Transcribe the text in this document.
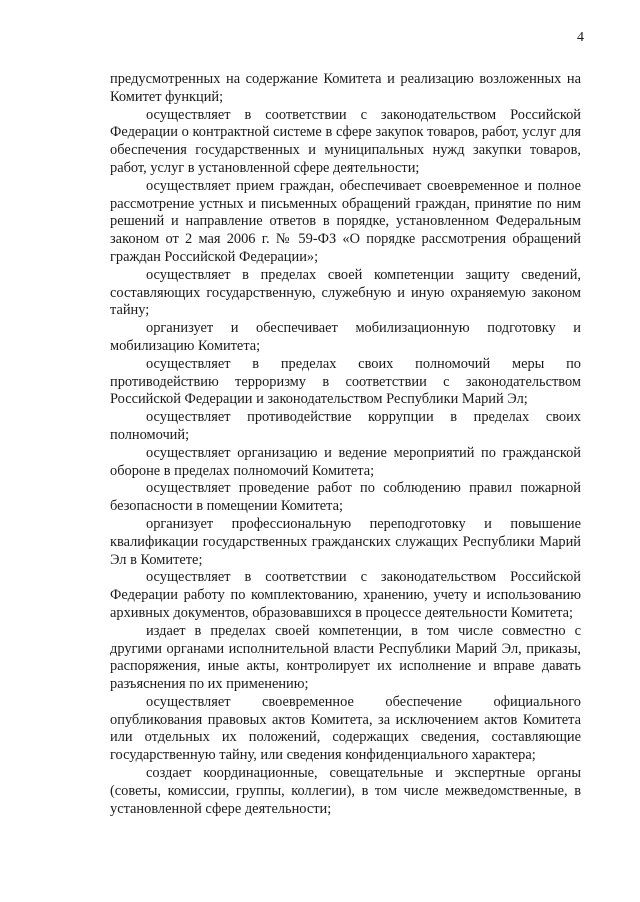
4

предусмотренных на содержание Комитета и реализацию возложенных на Комитет функций;

осуществляет в соответствии с законодательством Российской Федерации о контрактной системе в сфере закупок товаров, работ, услуг для обеспечения государственных и муниципальных нужд закупки товаров, работ, услуг в установленной сфере деятельности;

осуществляет прием граждан, обеспечивает своевременное и полное рассмотрение устных и письменных обращений граждан, принятие по ним решений и направление ответов в порядке, установленном Федеральным законом от 2 мая 2006 г. № 59-ФЗ «О порядке рассмотрения обращений граждан Российской Федерации»;

осуществляет в пределах своей компетенции защиту сведений, составляющих государственную, служебную и иную охраняемую законом тайну;

организует и обеспечивает мобилизационную подготовку и мобилизацию Комитета;

осуществляет в пределах своих полномочий меры по противодействию терроризму в соответствии с законодательством Российской Федерации и законодательством Республики Марий Эл;

осуществляет противодействие коррупции в пределах своих полномочий;

осуществляет организацию и ведение мероприятий по гражданской обороне в пределах полномочий Комитета;

осуществляет проведение работ по соблюдению правил пожарной безопасности в помещении Комитета;

организует профессиональную переподготовку и повышение квалификации государственных гражданских служащих Республики Марий Эл в Комитете;

осуществляет в соответствии с законодательством Российской Федерации работу по комплектованию, хранению, учету и использованию архивных документов, образовавшихся в процессе деятельности Комитета;

издает в пределах своей компетенции, в том числе совместно с другими органами исполнительной власти Республики Марий Эл, приказы, распоряжения, иные акты, контролирует их исполнение и вправе давать разъяснения по их применению;

осуществляет своевременное обеспечение официального опубликования правовых актов Комитета, за исключением актов Комитета или отдельных их положений, содержащих сведения, составляющие государственную тайну, или сведения конфиденциального характера;

создает координационные, совещательные и экспертные органы (советы, комиссии, группы, коллегии), в том числе межведомственные, в установленной сфере деятельности;
